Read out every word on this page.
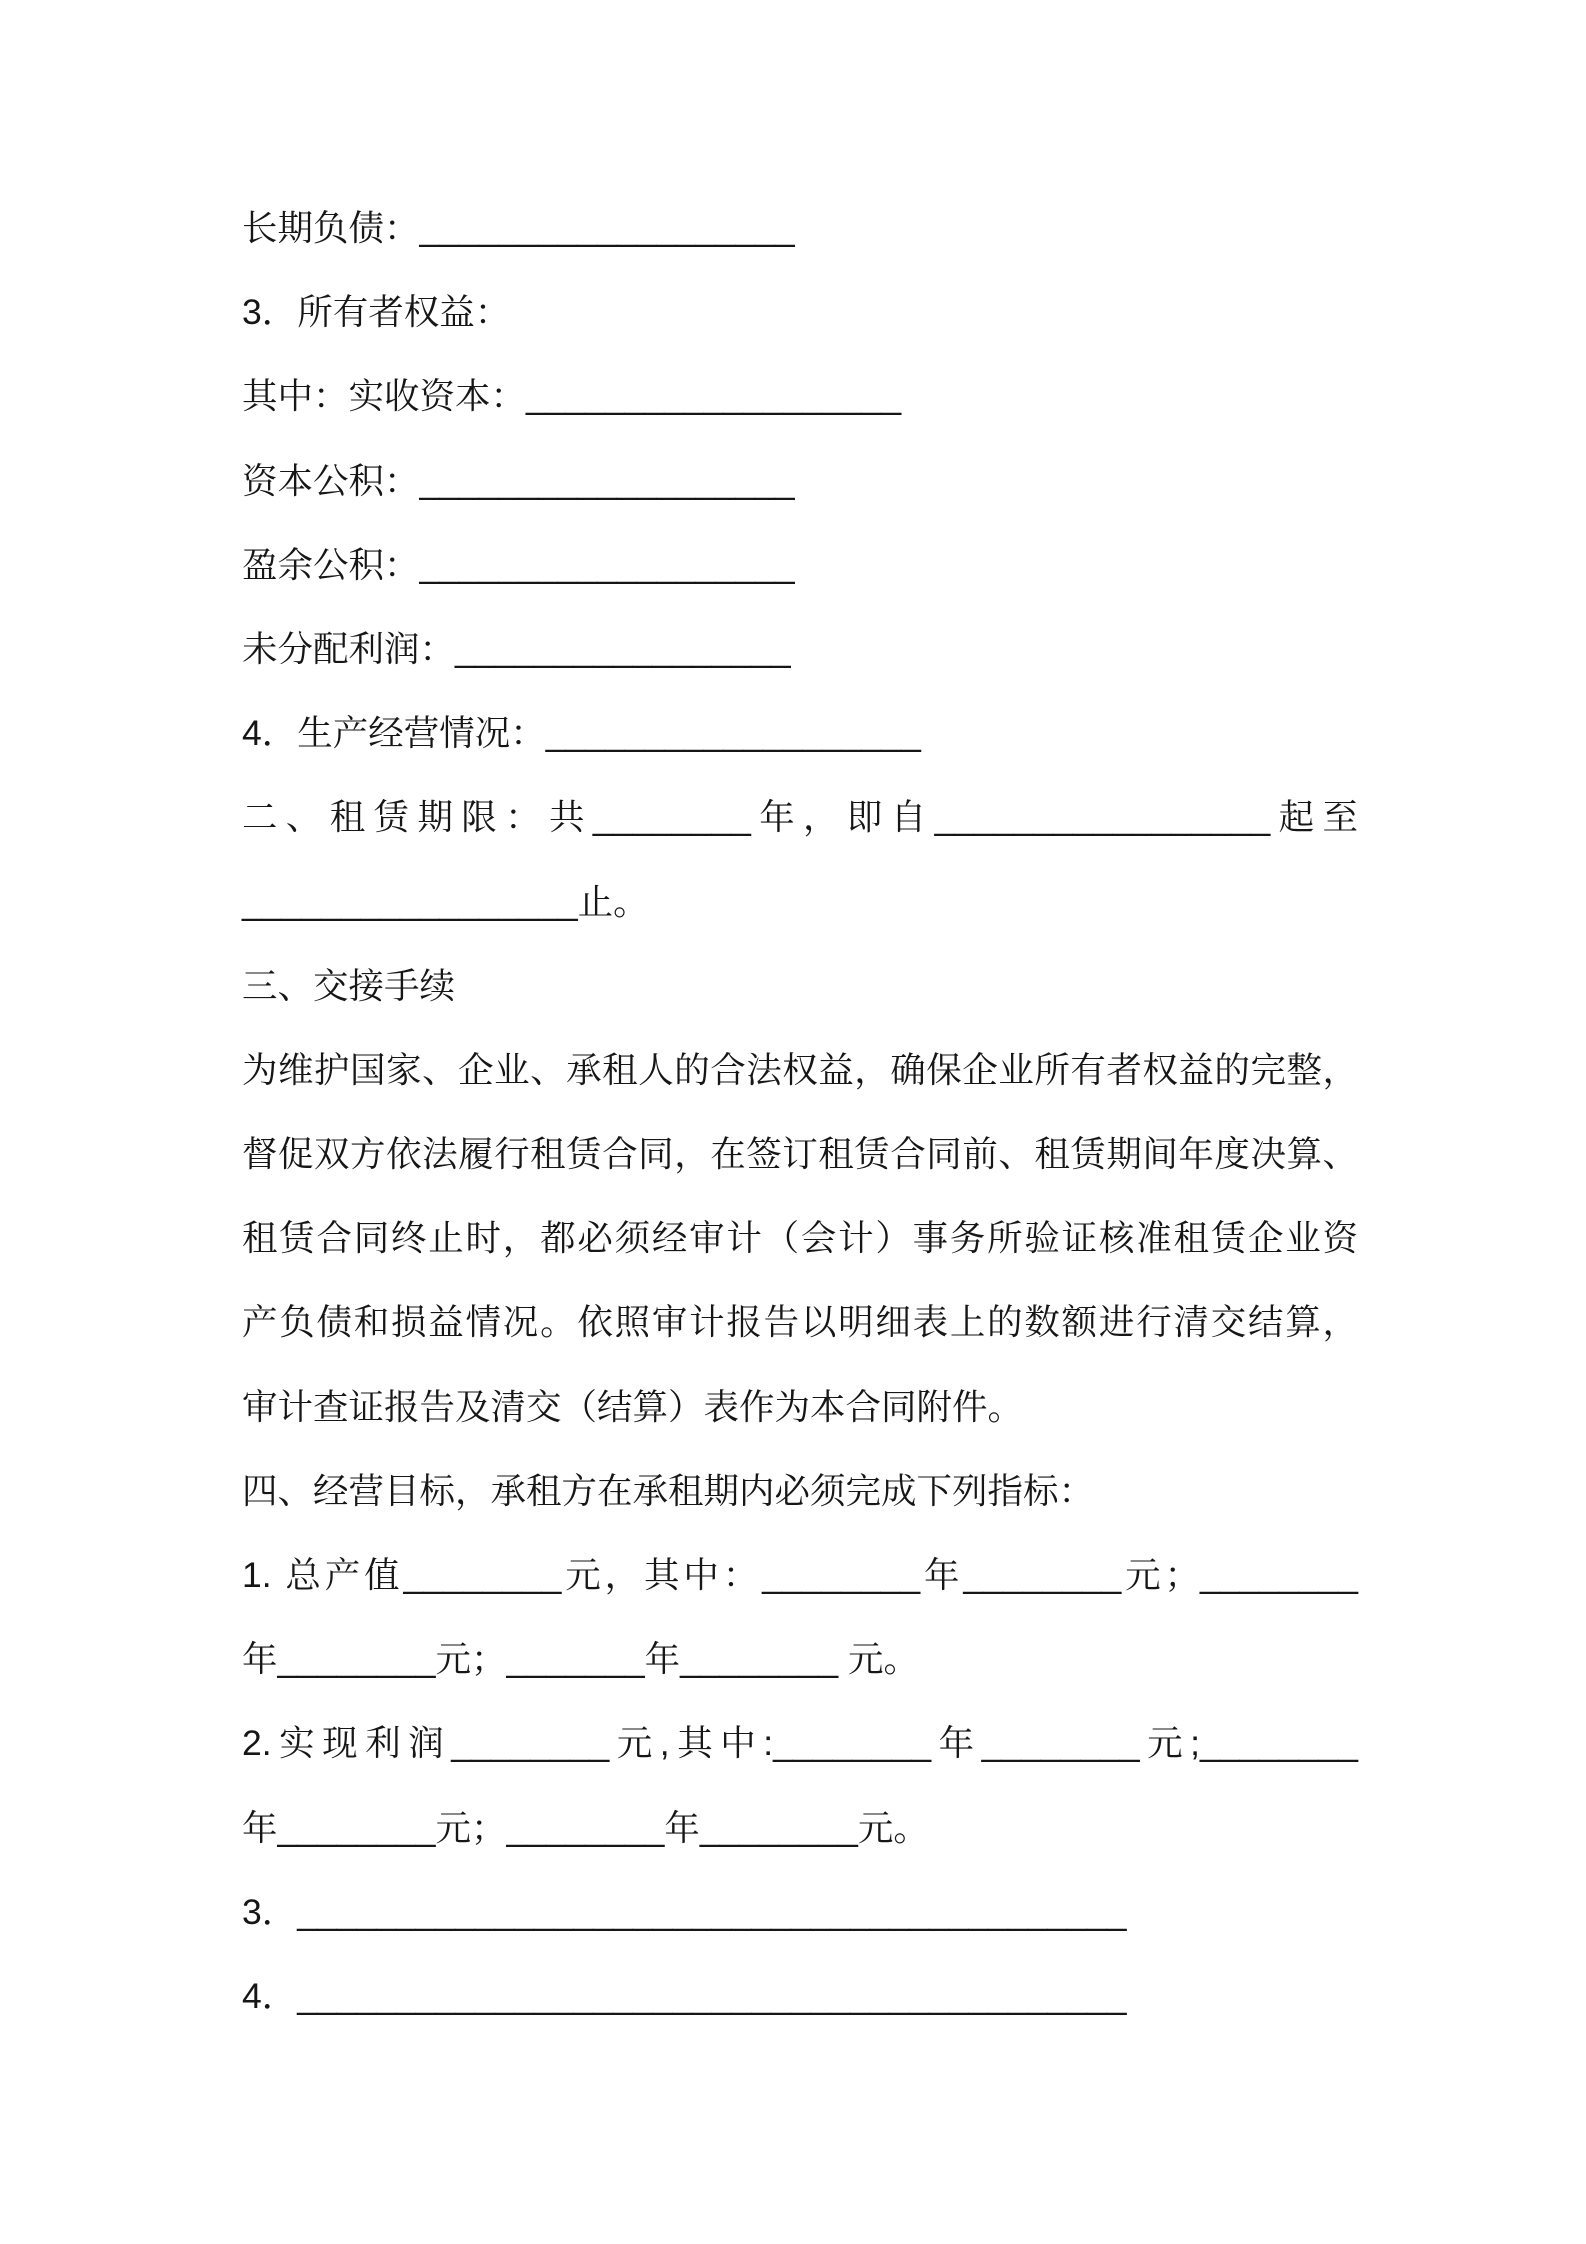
长期负债：___________________
3．所有者权益：
其中：实收资本：___________________
资本公积：___________________
盈余公积：___________________
未分配利润：_________________
4．生产经营情况：___________________
二、租赁期限：共________年，即自_________________起至
_________________止。
三、交接手续
为维护国家、企业、承租人的合法权益，确保企业所有者权益的完整，
督促双方依法履行租赁合同，在签订租赁合同前、租赁期间年度决算、
租赁合同终止时，都必须经审计（会计）事务所验证核准租赁企业资
产负债和损益情况。依照审计报告以明细表上的数额进行清交结算，
审计查证报告及清交（结算）表作为本合同附件。
四、经营目标，承租方在承租期内必须完成下列指标：
1. 总产值________元，其中：________年________元；________
年________元；_______年________ 元。
2.实现利润________元,其中:________年________元;________
年________元；________年________元。
3．__________________________________________
4．__________________________________________
